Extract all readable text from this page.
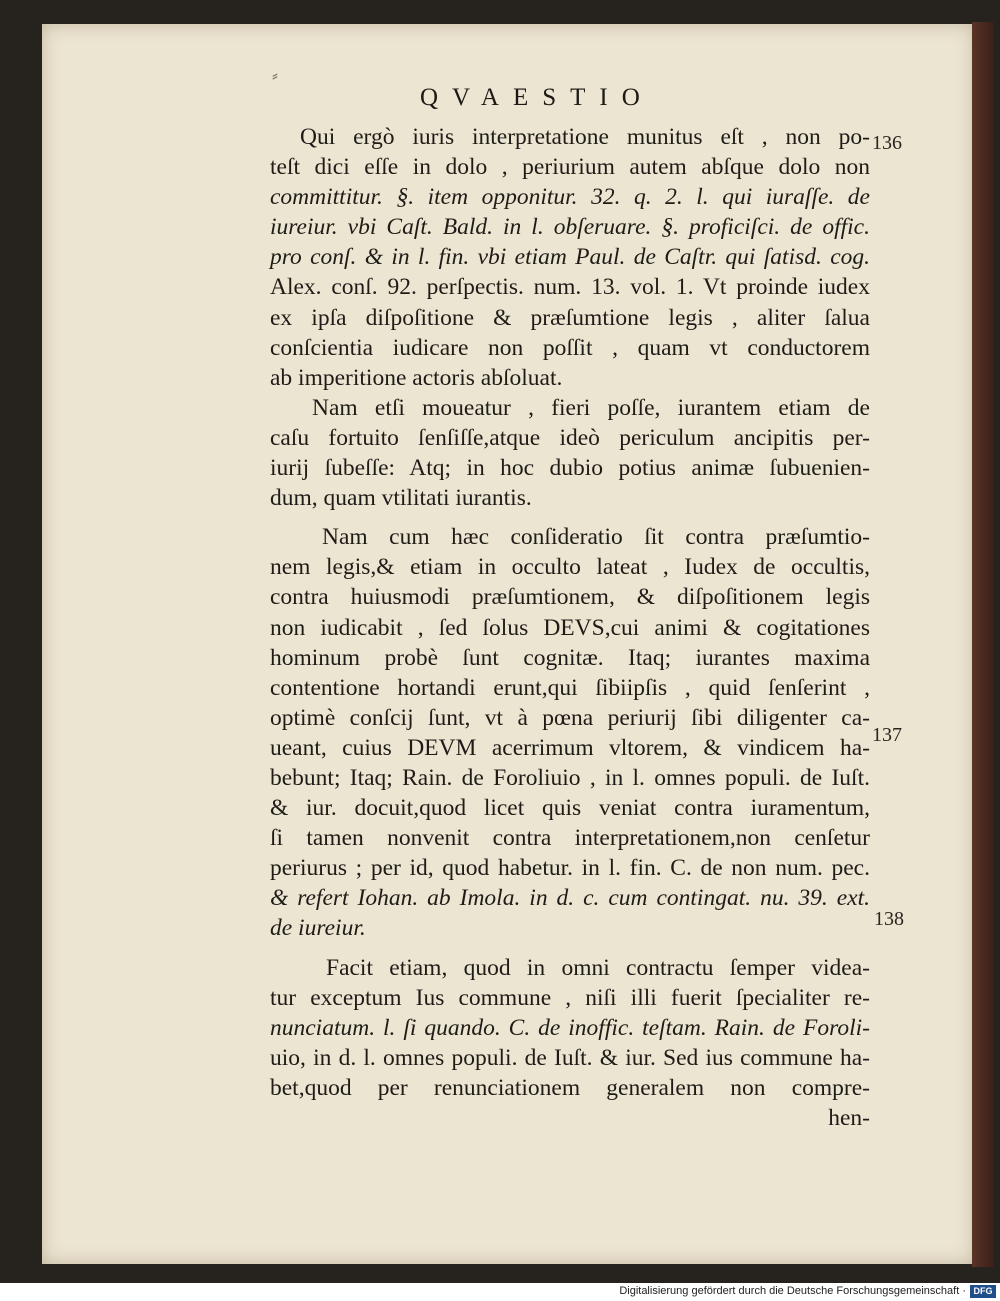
⸗
QVAESTIO
Qui ergò iuris interpretatione munitus eſt , non po-
teſt dici eſſe in dolo , periurium autem abſque dolo non
committitur. §. item opponitur. 32. q. 2. l. qui iuraſſe. de
iureiur. vbi Caſt. Bald. in l. obſeruare. §. proficiſci. de offic.
pro conſ. & in l. fin. vbi etiam Paul. de Caſtr. qui ſatisd. cog.
Alex. conſ. 92. perſpectis. num. 13. vol. 1. Vt proinde iudex
ex ipſa diſpoſitione & præſumtione legis , aliter ſalua
conſcientia iudicare non poſſit , quam vt conductorem
ab imperitione actoris abſoluat.
Nam etſi moueatur , fieri poſſe, iurantem etiam de
caſu fortuito ſenſiſſe,atque ideò periculum ancipitis per-
iurij ſubeſſe: Atq; in hoc dubio potius animæ ſubuenien-
dum, quam vtilitati iurantis.
Nam cum hæc conſideratio ſit contra præſumtio-
nem legis,& etiam in occulto lateat , Iudex de occultis,
contra huiusmodi præſumtionem, & diſpoſitionem legis
non iudicabit , ſed ſolus DEVS,cui animi & cogitationes
hominum probè ſunt cognitæ. Itaq; iurantes maxima
contentione hortandi erunt,qui ſibiipſis , quid ſenſerint ,
optimè conſcij ſunt, vt à pœna periurij ſibi diligenter ca-
ueant, cuius DEVM acerrimum vltorem, & vindicem ha-
bebunt; Itaq; Rain. de Foroliuio , in l. omnes populi. de Iuſt.
& iur. docuit,quod licet quis veniat contra iuramentum,
ſi tamen nonvenit contra interpretationem,non cenſetur
periurus ; per id, quod habetur. in l. fin. C. de non num. pec.
& refert Iohan. ab Imola. in d. c. cum contingat. nu. 39. ext.
de iureiur.
Facit etiam, quod in omni contractu ſemper videa-
tur exceptum Ius commune , niſi illi fuerit ſpecialiter re-
nunciatum. l. ſi quando. C. de inoffic. teſtam. Rain. de Foroli-
uio, in d. l. omnes populi. de Iuſt. & iur. Sed ius commune ha-
bet,quod per renunciationem generalem non compre-
hen-
136
137
138
Digitalisierung gefördert durch die Deutsche Forschungsgemeinschaft · DFG
